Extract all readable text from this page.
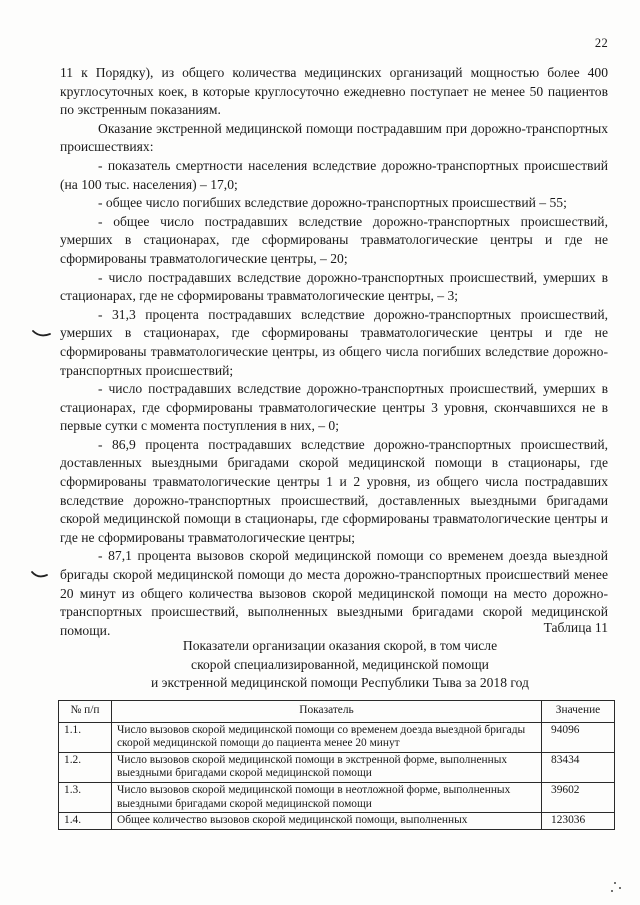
22

11 к Порядку), из общего количества медицинских организаций мощностью более 400 круглосуточных коек, в которые круглосуточно ежедневно поступает не менее 50 пациентов по экстренным показаниям.

Оказание экстренной медицинской помощи пострадавшим при дорожно-транспортных происшествиях:

- показатель смертности населения вследствие дорожно-транспортных происшествий (на 100 тыс. населения) – 17,0;

- общее число погибших вследствие дорожно-транспортных происшествий – 55;

- общее число пострадавших вследствие дорожно-транспортных происшествий, умерших в стационарах, где сформированы травматологические центры и где не сформированы травматологические центры, – 20;

- число пострадавших вследствие дорожно-транспортных происшествий, умерших в стационарах, где не сформированы травматологические центры, – 3;

- 31,3 процента пострадавших вследствие дорожно-транспортных происшествий, умерших в стационарах, где сформированы травматологические центры и где не сформированы травматологические центры, из общего числа погибших вследствие дорожно-транспортных происшествий;

- число пострадавших вследствие дорожно-транспортных происшествий, умерших в стационарах, где сформированы травматологические центры 3 уровня, скончавшихся не в первые сутки с момента поступления в них, – 0;

- 86,9 процента пострадавших вследствие дорожно-транспортных происшествий, доставленных выездными бригадами скорой медицинской помощи в стационары, где сформированы травматологические центры 1 и 2 уровня, из общего числа пострадавших вследствие дорожно-транспортных происшествий, доставленных выездными бригадами скорой медицинской помощи в стационары, где сформированы травматологические центры и где не сформированы травматологические центры;

- 87,1 процента вызовов скорой медицинской помощи со временем доезда выездной бригады скорой медицинской помощи до места дорожно-транспортных происшествий менее 20 минут из общего количества вызовов скорой медицинской помощи на место дорожно-транспортных происшествий, выполненных выездными бригадами скорой медицинской помощи.	Таблица 11
Показатели организации оказания скорой, в том числе
скорой специализированной, медицинской помощи
и экстренной медицинской помощи Республики Тыва за 2018 год
№ п/п	Показатель	Значение
1.1.	Число вызовов скорой медицинской помощи со временем доезда выездной бригады скорой медицинской помощи до пациента менее 20 минут	94096
1.2.	Число вызовов скорой медицинской помощи в экстренной форме, выполненных выездными бригадами скорой медицинской помощи	83434
1.3.	Число вызовов скорой медицинской помощи в неотложной форме, выполненных выездными бригадами скорой медицинской помощи	39602
1.4.	Общее количество вызовов скорой медицинской помощи, выполненных	123036
